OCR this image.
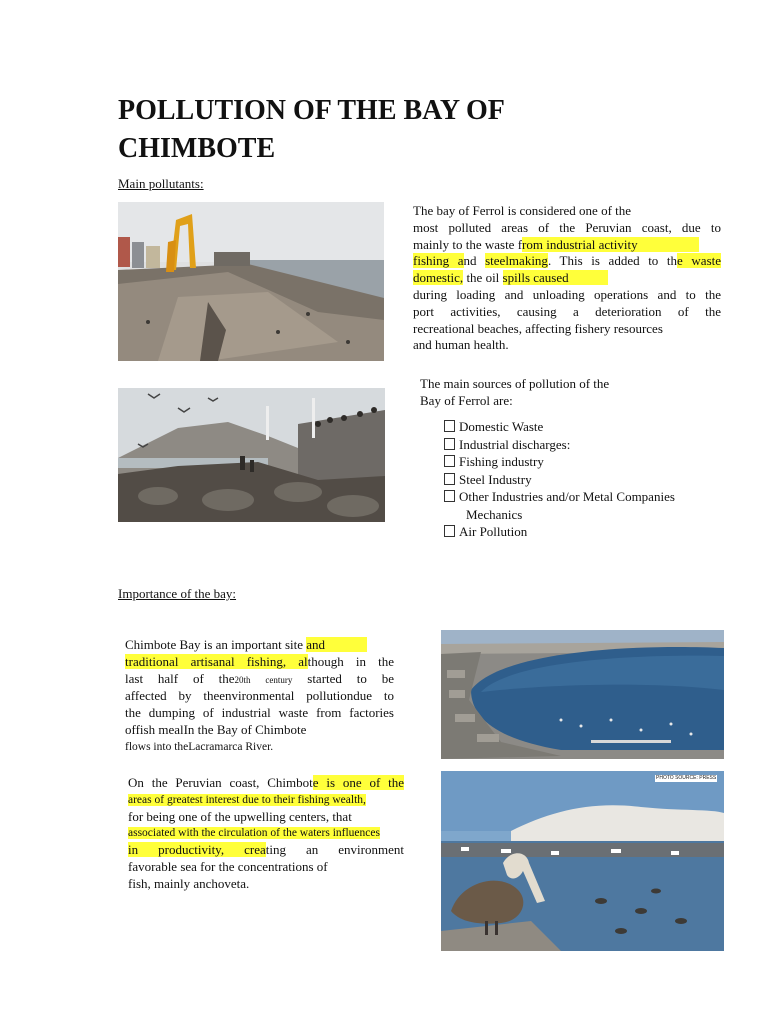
POLLUTION OF THE BAY OF
CHIMBOTE
Main pollutants:
The bay of Ferrol is considered one of the
most polluted areas of the Peruvian coast, due to
mainly to the waste from industrial activity
fishing and steelmaking. This is added to the waste
domestic, the oil spills caused
during loading and unloading operations and to the
port activities, causing a deterioration of the
recreational beaches, affecting fishery resources
and human health.
The main sources of pollution of the
Bay of Ferrol are:
Domestic Waste
Industrial discharges:
Fishing industry
Steel Industry
Other Industries and/or Metal Companies
Mechanics
Air Pollution
Importance of the bay:
Chimbote Bay is an important site and
traditional artisanal fishing, although in the
last half of the20th century started to be
affected by theenvironmental pollutiondue to
the dumping of industrial waste from factories
offish mealIn the Bay of Chimbote
flows into theLacramarca River.
On the Peruvian coast, Chimbote is one of the
areas of greatest interest due to their fishing wealth,
for being one of the upwelling centers, that
associated with the circulation of the waters influences
in productivity, creating an environment
favorable sea for the concentrations of
fish, mainly anchoveta.
PHOTO SOURCE: PRESS
